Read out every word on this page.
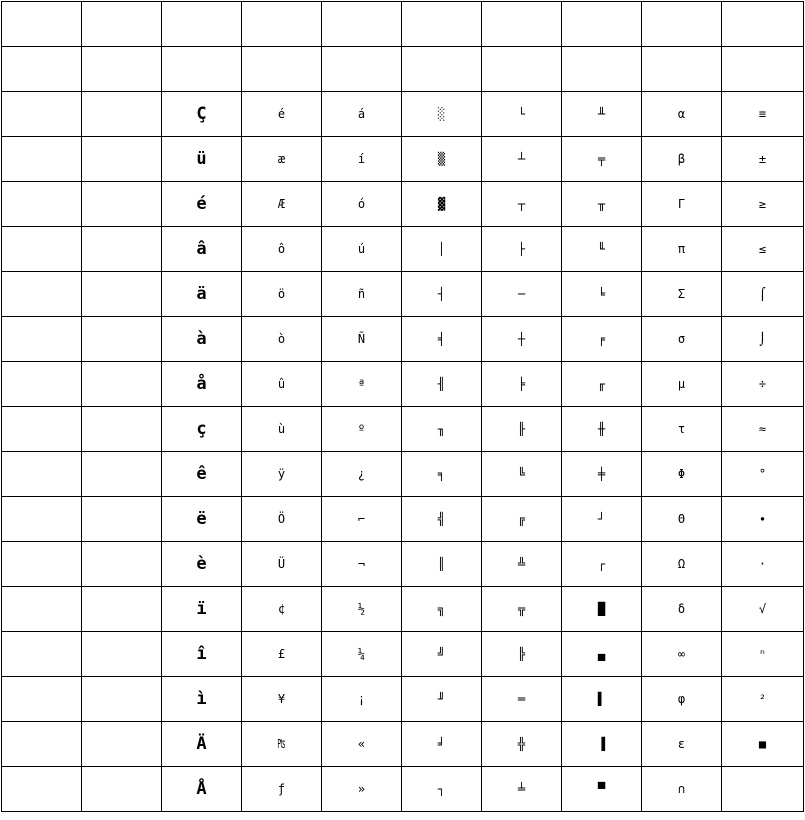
		Ç	é	á	░	└	╨	α	≡
		ü	æ	í	▒	┴	╤	β	±
		é	Æ	ó	▓	┬	╥	Γ	≥
		â	ô	ú	│	├	╙	π	≤
		ä	ö	ñ	┤	─	╘	Σ	⌠
		à	ò	Ñ	╡	┼	╒	σ	⌡
		å	û	ª	╢	╞	╓	µ	÷
		ç	ù	º	╖	╟	╫	τ	≈
		ê	ÿ	¿	╕	╚	╪	Φ	°
		ë	Ö	⌐	╣	╔	┘	Θ	∙
		è	Ü	¬	║	╩	┌	Ω	·
		ï	¢	½	╗	╦	█	δ	√
		î	£	¼	╝	╠	▄	∞	ⁿ
		ì	¥	¡	╜	═	▌	φ	²
		Ä	₧	«	╛	╬	▐	ε	■
		Å	ƒ	»	┐	╧	▀	∩	
